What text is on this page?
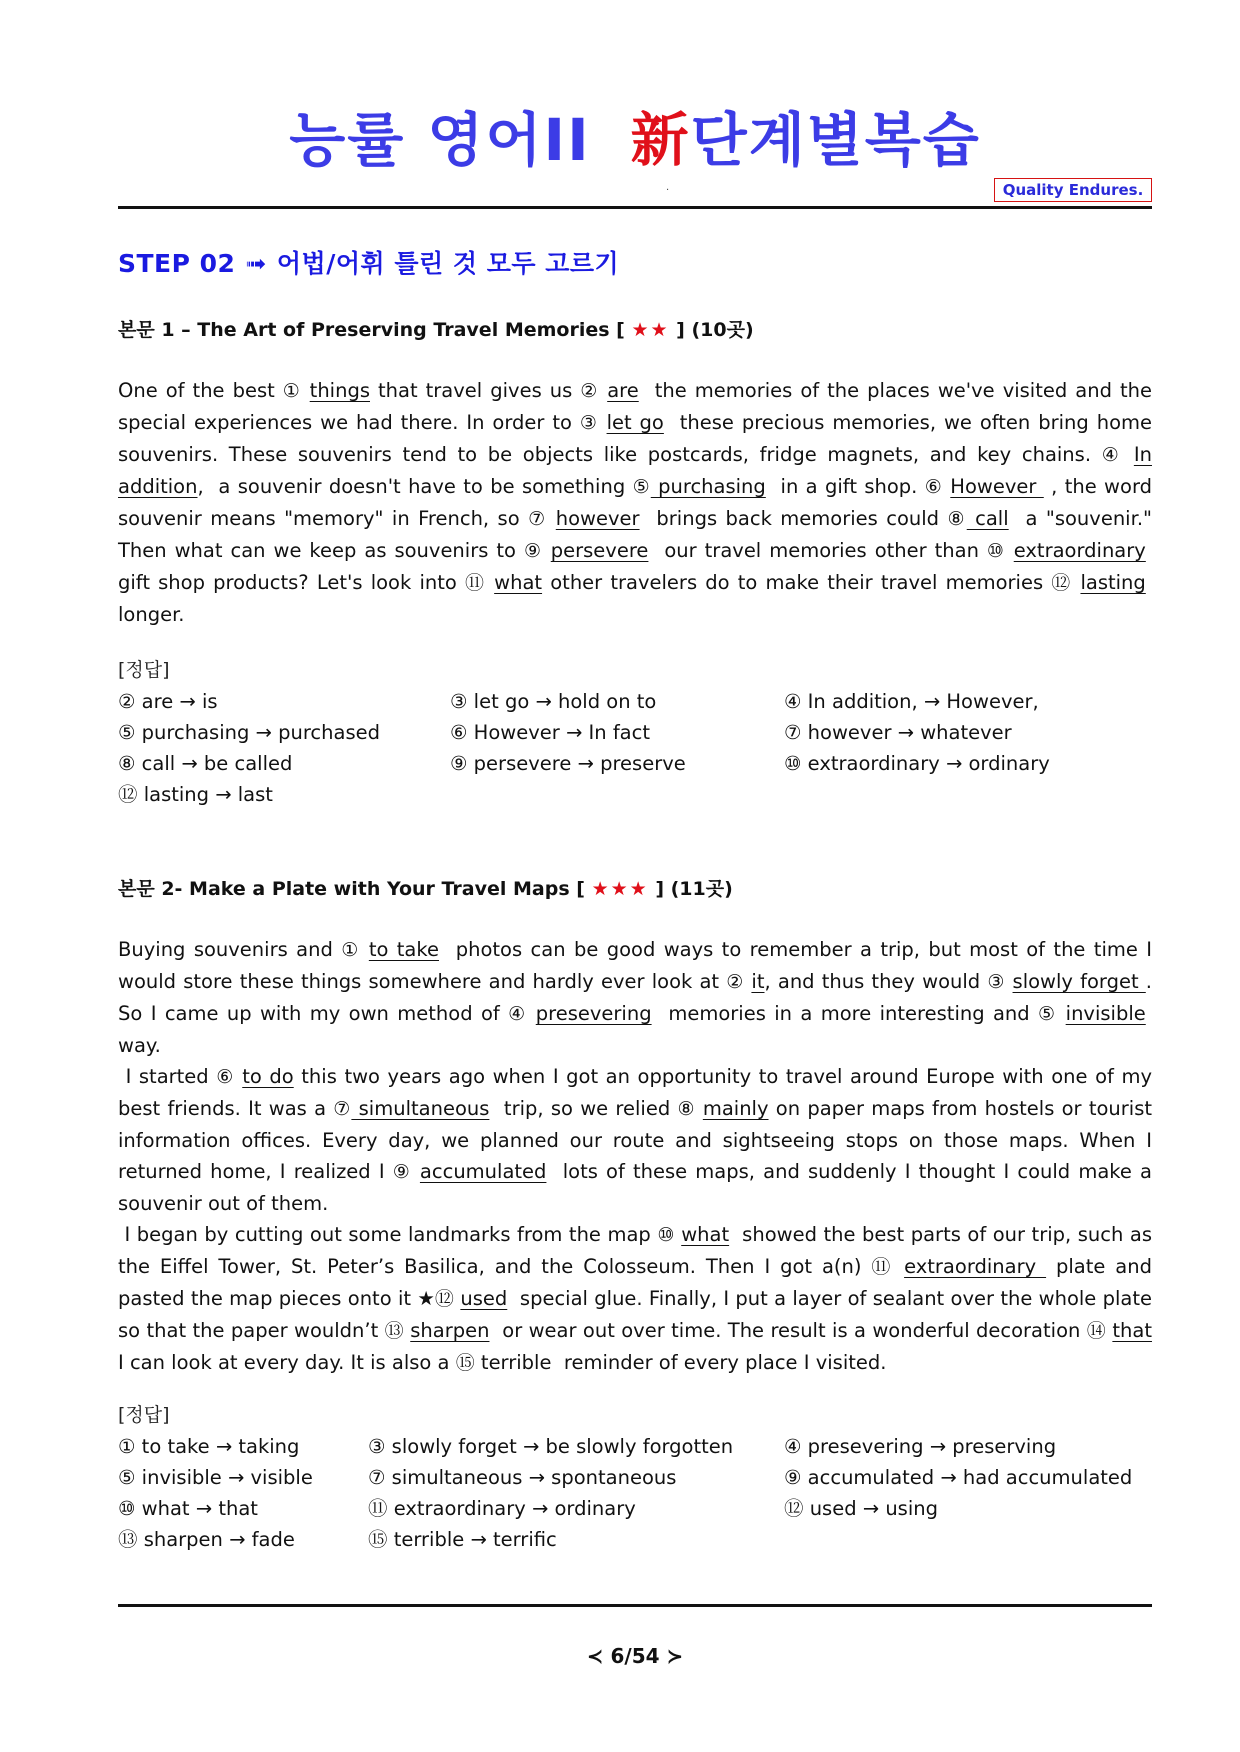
능률 영어II 新단계별복습
.	Quality Endures.
STEP 02 ➟ 어법/어휘 틀린 것 모두 고르기
본문 1 – The Art of Preserving Travel Memories [ ★★ ] (10곳)

One of the best ① things that travel gives us ② are  the memories of the places we've visited and the special experiences we had there. In order to ③ let go  these precious memories, we often bring home souvenirs. These souvenirs tend to be objects like postcards, fridge magnets, and key chains. ④ In addition,  a souvenir doesn't have to be something ⑤ purchasing  in a gift shop. ⑥ However  , the word souvenir means "memory" in French, so ⑦ however  brings back memories could ⑧ call  a "souvenir." Then what can we keep as souvenirs to ⑨ persevere  our travel memories other than ⑩ extraordinary  gift shop products? Let's look into ⑪ what other travelers do to make their travel memories ⑫ lasting  longer.

[정답]
② are → is	③ let go → hold on to	④ In addition, → However,
⑤ purchasing → purchased	⑥ However → In fact	⑦ however → whatever
⑧ call → be called	⑨ persevere → preserve	⑩ extraordinary → ordinary
⑫ lasting → last
본문 2- Make a Plate with Your Travel Maps [ ★★★ ] (11곳)

Buying souvenirs and ① to take  photos can be good ways to remember a trip, but most of the time I would store these things somewhere and hardly ever look at ② it, and thus they would ③ slowly forget . So I came up with my own method of ④ presevering  memories in a more interesting and ⑤ invisible  way.

I started ⑥ to do this two years ago when I got an opportunity to travel around Europe with one of my best friends. It was a ⑦ simultaneous  trip, so we relied ⑧ mainly on paper maps from hostels or tourist information offices. Every day, we planned our route and sightseeing stops on those maps. When I returned home, I realized I ⑨ accumulated  lots of these maps, and suddenly I thought I could make a souvenir out of them.

I began by cutting out some landmarks from the map ⑩ what  showed the best parts of our trip, such as the Eiffel Tower, St. Peter’s Basilica, and the Colosseum. Then I got a(n) ⑪ extraordinary  plate and pasted the map pieces onto it ★⑫ used  special glue. Finally, I put a layer of sealant over the whole plate so that the paper wouldn’t ⑬ sharpen  or wear out over time. The result is a wonderful decoration ⑭ that I can look at every day. It is also a ⑮ terrible  reminder of every place I visited.

[정답]
① to take → taking	③ slowly forget → be slowly forgotten	④ presevering → preserving
⑤ invisible → visible	⑦ simultaneous → spontaneous	⑨ accumulated → had accumulated
⑩ what → that	⑪ extraordinary → ordinary	⑫ used → using
⑬ sharpen → fade	⑮ terrible → terrific
≺ 6/54 ≻
